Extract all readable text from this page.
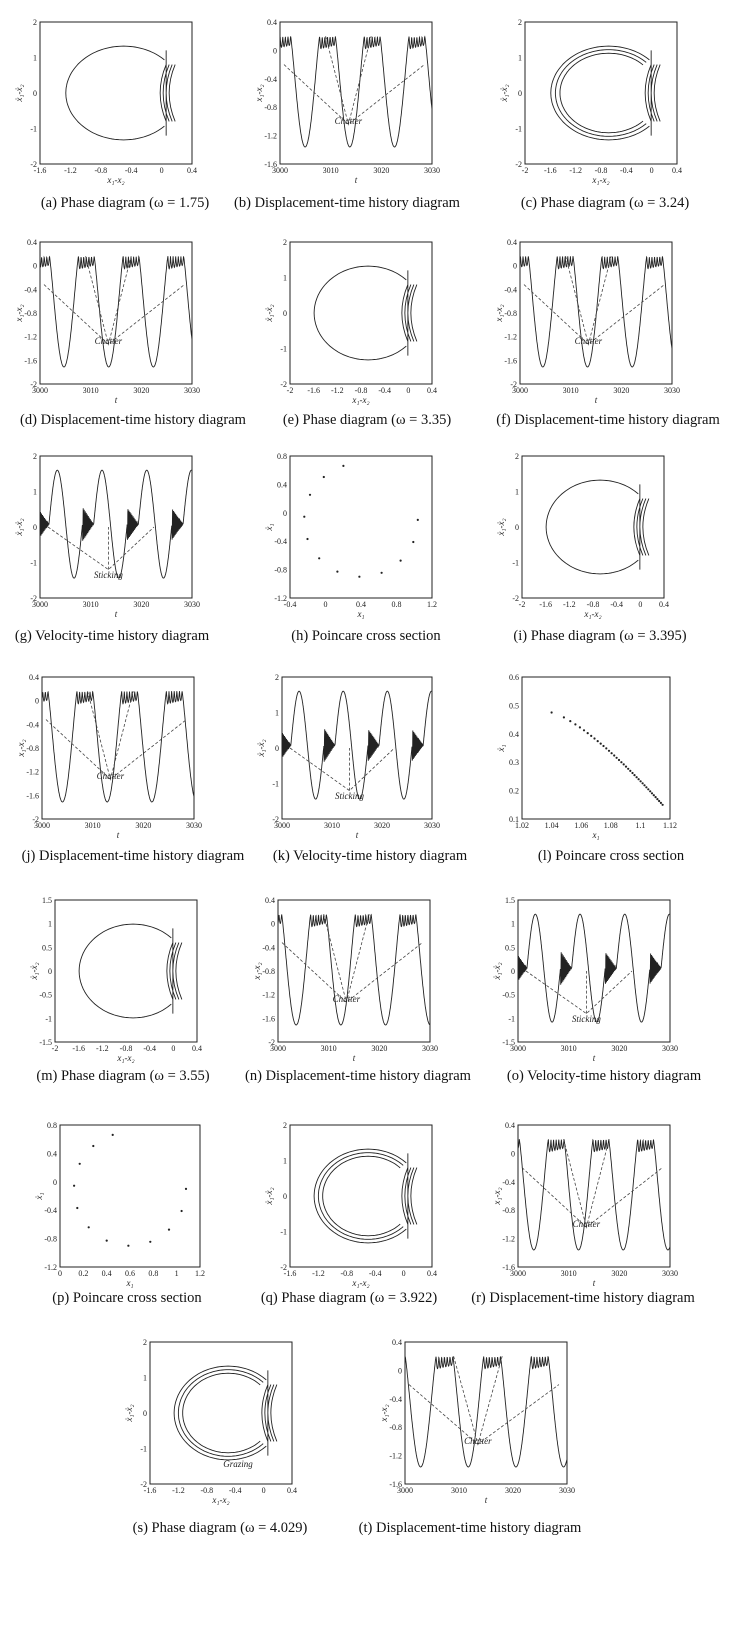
-1.6 -1.2 -0.8 -0.4	0	0.4
2
1
0
-1
-2
x₁-x₂
ẋ₁-ẋ₂
(a) Phase diagram (ω = 1.75)
3000	3010	3020	3030
0.4
0
-0.4
-0.8
-1.2
-1.6
t
x₁-x₂
Chatter
(b) Displacement-time history diagram
-2 -1.6 -1.2 -0.8 -0.4 0 0.4
2
1
0
-1
-2
x₁-x₂
ẋ₁-ẋ₂
(c) Phase diagram (ω = 3.24)
3000	3010	3020	3030
0.4
0
-0.4
-0.8
-1.2
-1.6
-2
t
x₁-x₂
Chatter
(d) Displacement-time history diagram
-2 -1.6 -1.2 -0.8 -0.4 0 0.4
2
1
0
-1
-2
x₁-x₂
ẋ₁-ẋ₂
(e) Phase diagram (ω = 3.35)
3000	3010	3020	3030
0.4
0
-0.4
-0.8
-1.2
-1.6
-2
t
x₁-x₂
Chatter
(f) Displacement-time history diagram
3000	3010	3020	3030
2
1
0
-1
-2
t
ẋ₁-ẋ₂
Sticking
(g) Velocity-time history diagram
-0.4	0	0.4	0.8	1.2
0.8
0.4
0
-0.4
-0.8
-1.2
x₁
ẋ₁
(h) Poincare cross section
-2 -1.6 -1.2 -0.8 -0.4 0 0.4
2
1
0
-1
-2
x₁-x₂
ẋ₁-ẋ₂
(i) Phase diagram (ω = 3.395)
3000	3010	3020	3030
0.4
0
-0.4
-0.8
-1.2
-1.6
-2
t
x₁-x₂
Chatter
(j) Displacement-time history diagram
3000	3010	3020	3030
2
1
0
-1
-2
t
ẋ₁-ẋ₂
Sticking
(k) Velocity-time history diagram
1.02 1.04 1.06 1.08 1.1 1.12
0.6
0.5
0.4
0.3
0.2
0.1
x₁
ẋ₁
(l) Poincare cross section
-2 -1.6 -1.2 -0.8 -0.4 0 0.4
1.5
1
0.5
0
-0.5
-1
-1.5
x₁-x₂
ẋ₁-ẋ₂
(m) Phase diagram (ω = 3.55)
3000	3010	3020	3030
0.4
0
-0.4
-0.8
-1.2
-1.6
-2
t
x₁-x₂
Chatter
(n) Displacement-time history diagram
3000	3010	3020	3030
1.5
1
0.5
0
-0.5
-1
-1.5
t
ẋ₁-ẋ₂
Sticking
(o) Velocity-time history diagram
0 0.2 0.4 0.6 0.8 1 1.2
0.8
0.4
0
-0.4
-0.8
-1.2
x₁
ẋ₁
(p) Poincare cross section
-1.6 -1.2 -0.8 -0.4	0	0.4
2
1
0
-1
-2
x₁-x₂
ẋ₁-ẋ₂
(q) Phase diagram (ω = 3.922)
3000	3010	3020	3030
0.4
0
-0.4
-0.8
-1.2
-1.6
t
x₁-x₂
Chatter
(r) Displacement-time history diagram
-1.6 -1.2 -0.8 -0.4	0	0.4
2
1
0
-1
-2
x₁-x₂
ẋ₁-ẋ₂
Grazing
(s) Phase diagram (ω = 4.029)
3000	3010	3020	3030
0.4
0
-0.4
-0.8
-1.2
-1.6
t
x₁-x₂
Chatter
(t) Displacement-time history diagram
